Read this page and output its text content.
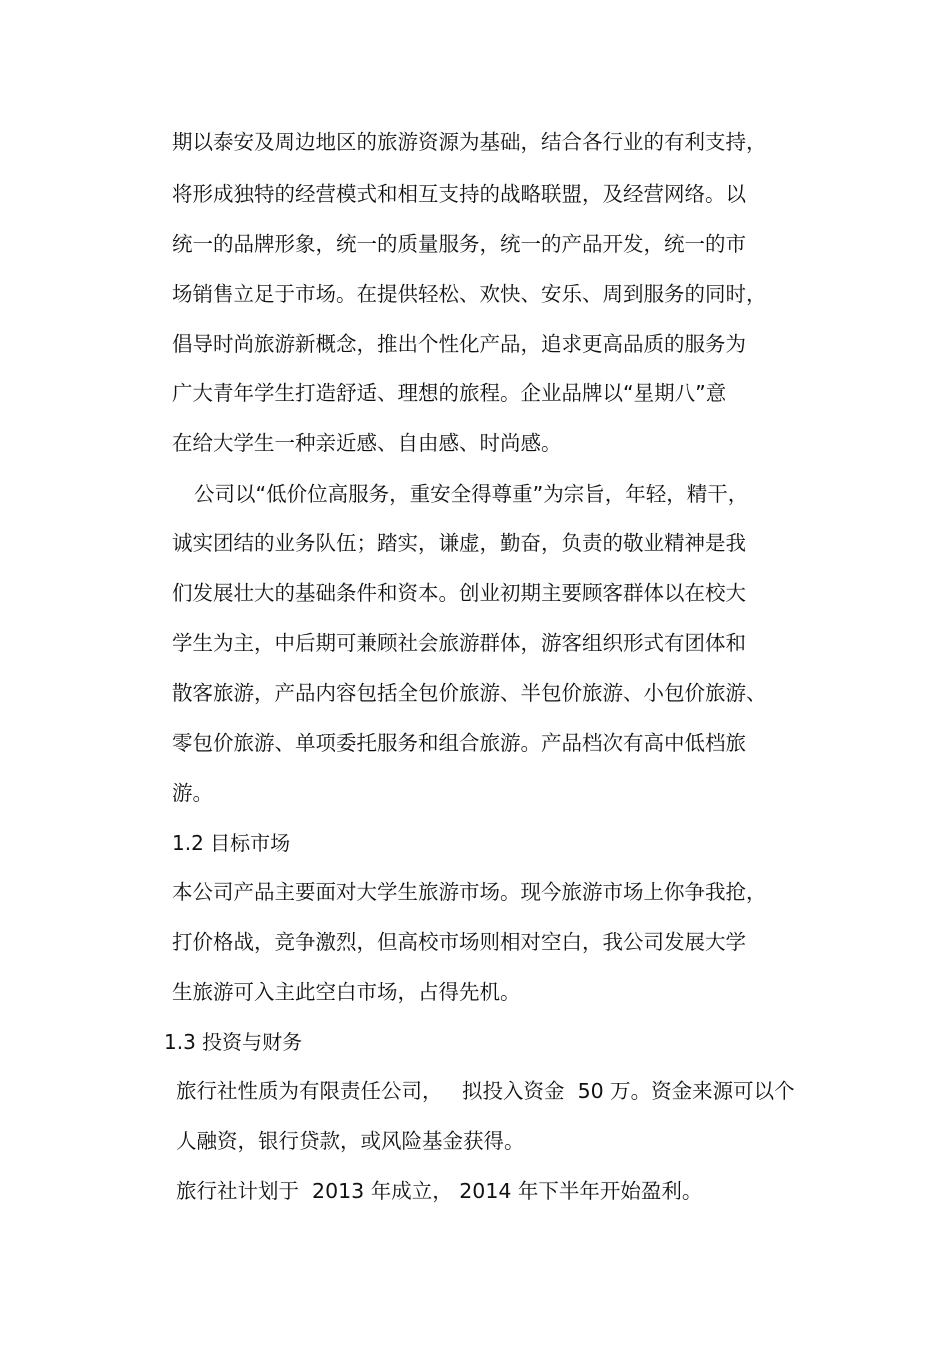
期以泰安及周边地区的旅游资源为基础，结合各行业的有利支持，
将形成独特的经营模式和相互支持的战略联盟，及经营网络。以
统一的品牌形象，统一的质量服务，统一的产品开发，统一的市
场销售立足于市场。在提供轻松、欢快、安乐、周到服务的同时，
倡导时尚旅游新概念，推出个性化产品，追求更高品质的服务为
广大青年学生打造舒适、理想的旅程。企业品牌以“星期八”意
在给大学生一种亲近感、自由感、时尚感。
公司以“低价位高服务，重安全得尊重”为宗旨，年轻，精干，
诚实团结的业务队伍；踏实，谦虚，勤奋，负责的敬业精神是我
们发展壮大的基础条件和资本。创业初期主要顾客群体以在校大
学生为主，中后期可兼顾社会旅游群体，游客组织形式有团体和
散客旅游，产品内容包括全包价旅游、半包价旅游、小包价旅游、
零包价旅游、单项委托服务和组合旅游。产品档次有高中低档旅
游。
1.2 目标市场
本公司产品主要面对大学生旅游市场。现今旅游市场上你争我抢，
打价格战，竞争激烈，但高校市场则相对空白，我公司发展大学
生旅游可入主此空白市场，占得先机。
1.3 投资与财务
旅行社性质为有限责任公司，   拟投入资金  50 万。资金来源可以个
人融资，银行贷款，或风险基金获得。
旅行社计划于  2013 年成立， 2014 年下半年开始盈利。
